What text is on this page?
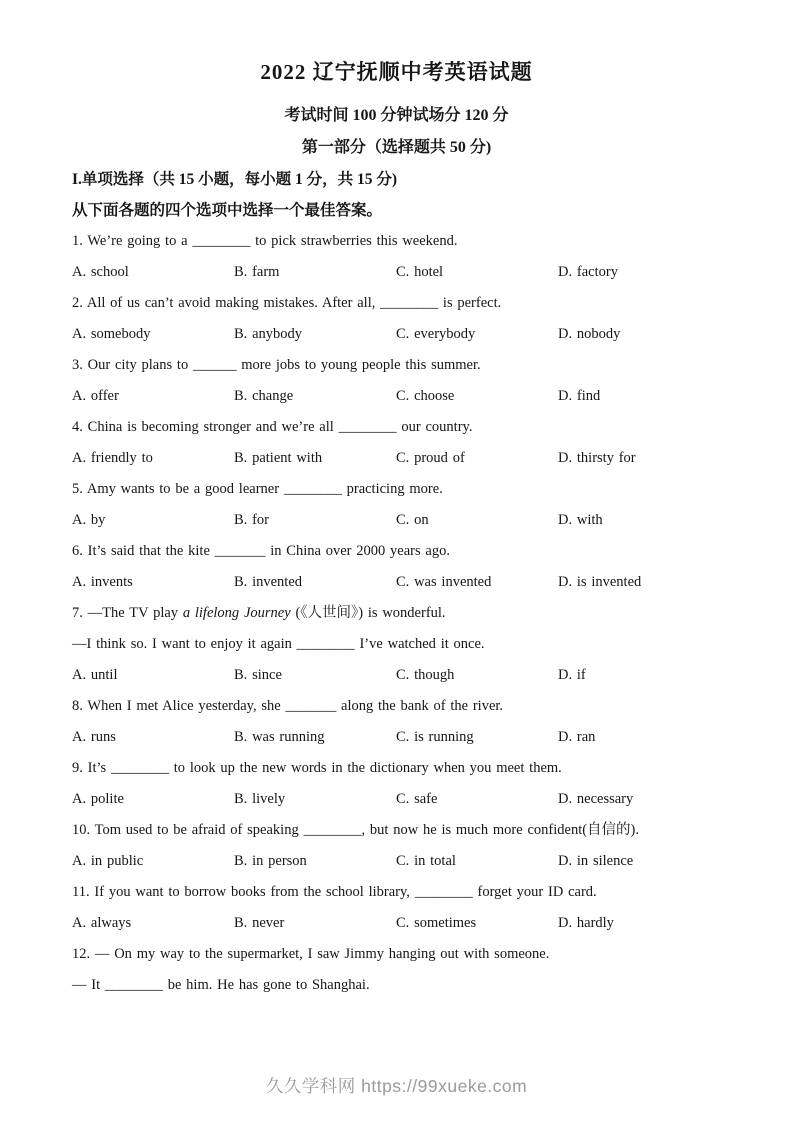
2022 辽宁抚顺中考英语试题

考试时间 100 分钟试场分 120 分

第一部分（选择题共 50 分)

I.单项选择（共 15 小题，每小题 1 分，共 15 分)

从下面各题的四个选项中选择一个最佳答案。

1. We’re going to a ________ to pick strawberries this weekend.

A. school	B. farm	C. hotel	D. factory

2. All of us can’t avoid making mistakes. After all, ________ is perfect.

A. somebody	B. anybody	C. everybody	D. nobody

3. Our city plans to ______ more jobs to young people this summer.

A. offer	B. change	C. choose	D. find

4. China is becoming stronger and we’re all ________ our country.

A. friendly to	B. patient with	C. proud of	D. thirsty for

5. Amy wants to be a good learner ________ practicing more.

A. by	B. for	C. on	D. with

6. It’s said that the kite _______ in China over 2000 years ago.

A. invents	B. invented	C. was invented	D. is invented

7. —The TV play a lifelong Journey (《人世间》) is wonderful.

—I think so. I want to enjoy it again ________ I’ve watched it once.

A. until	B. since	C. though	D. if

8. When I met Alice yesterday, she _______ along the bank of the river.

A. runs	B. was running	C. is running	D. ran

9. It’s ________ to look up the new words in the dictionary when you meet them.

A. polite	B. lively	C. safe	D. necessary

10. Tom used to be afraid of speaking ________, but now he is much more confident(自信的).

A. in public	B. in person	C. in total	D. in silence

11. If you want to borrow books from the school library, ________ forget your ID card.

A. always	B. never	C. sometimes	D. hardly

12. — On my way to the supermarket, I saw Jimmy hanging out with someone.

— It ________ be him. He has gone to Shanghai.

久久学科网 https://99xueke.com
